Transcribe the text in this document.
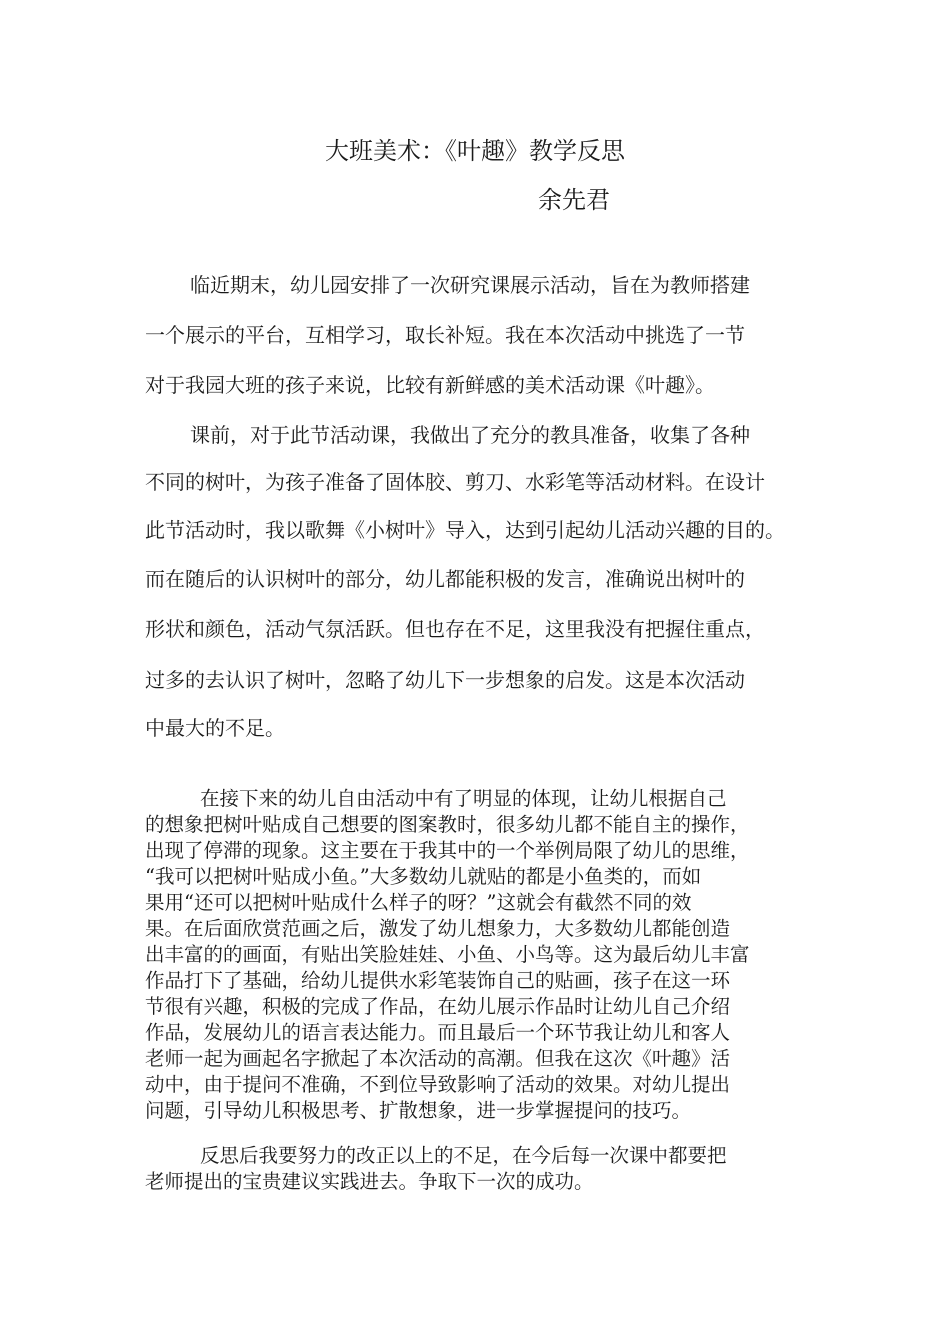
大班美术：《叶趣》教学反思
余先君
临近期末，幼儿园安排了一次研究课展示活动，旨在为教师搭建
一个展示的平台，互相学习，取长补短。我在本次活动中挑选了一节
对于我园大班的孩子来说，比较有新鲜感的美术活动课《叶趣》。
课前，对于此节活动课，我做出了充分的教具准备，收集了各种
不同的树叶，为孩子准备了固体胶、剪刀、水彩笔等活动材料。在设计
此节活动时，我以歌舞《小树叶》导入，达到引起幼儿活动兴趣的目的。
而在随后的认识树叶的部分，幼儿都能积极的发言，准确说出树叶的
形状和颜色，活动气氛活跃。但也存在不足，这里我没有把握住重点，
过多的去认识了树叶，忽略了幼儿下一步想象的启发。这是本次活动
中最大的不足。
在接下来的幼儿自由活动中有了明显的体现，让幼儿根据自己
的想象把树叶贴成自己想要的图案教时，很多幼儿都不能自主的操作，
出现了停滞的现象。这主要在于我其中的一个举例局限了幼儿的思维，
“我可以把树叶贴成小鱼。”大多数幼儿就贴的都是小鱼类的，而如
果用“还可以把树叶贴成什么样子的呀？”这就会有截然不同的效
果。在后面欣赏范画之后，激发了幼儿想象力，大多数幼儿都能创造
出丰富的的画面，有贴出笑脸娃娃、小鱼、小鸟等。这为最后幼儿丰富
作品打下了基础，给幼儿提供水彩笔装饰自己的贴画，孩子在这一环
节很有兴趣，积极的完成了作品，在幼儿展示作品时让幼儿自己介绍
作品，发展幼儿的语言表达能力。而且最后一个环节我让幼儿和客人
老师一起为画起名字掀起了本次活动的高潮。但我在这次《叶趣》活
动中，由于提问不准确，不到位导致影响了活动的效果。对幼儿提出
问题，引导幼儿积极思考、扩散想象，进一步掌握提问的技巧。
反思后我要努力的改正以上的不足，在今后每一次课中都要把
老师提出的宝贵建议实践进去。争取下一次的成功。
